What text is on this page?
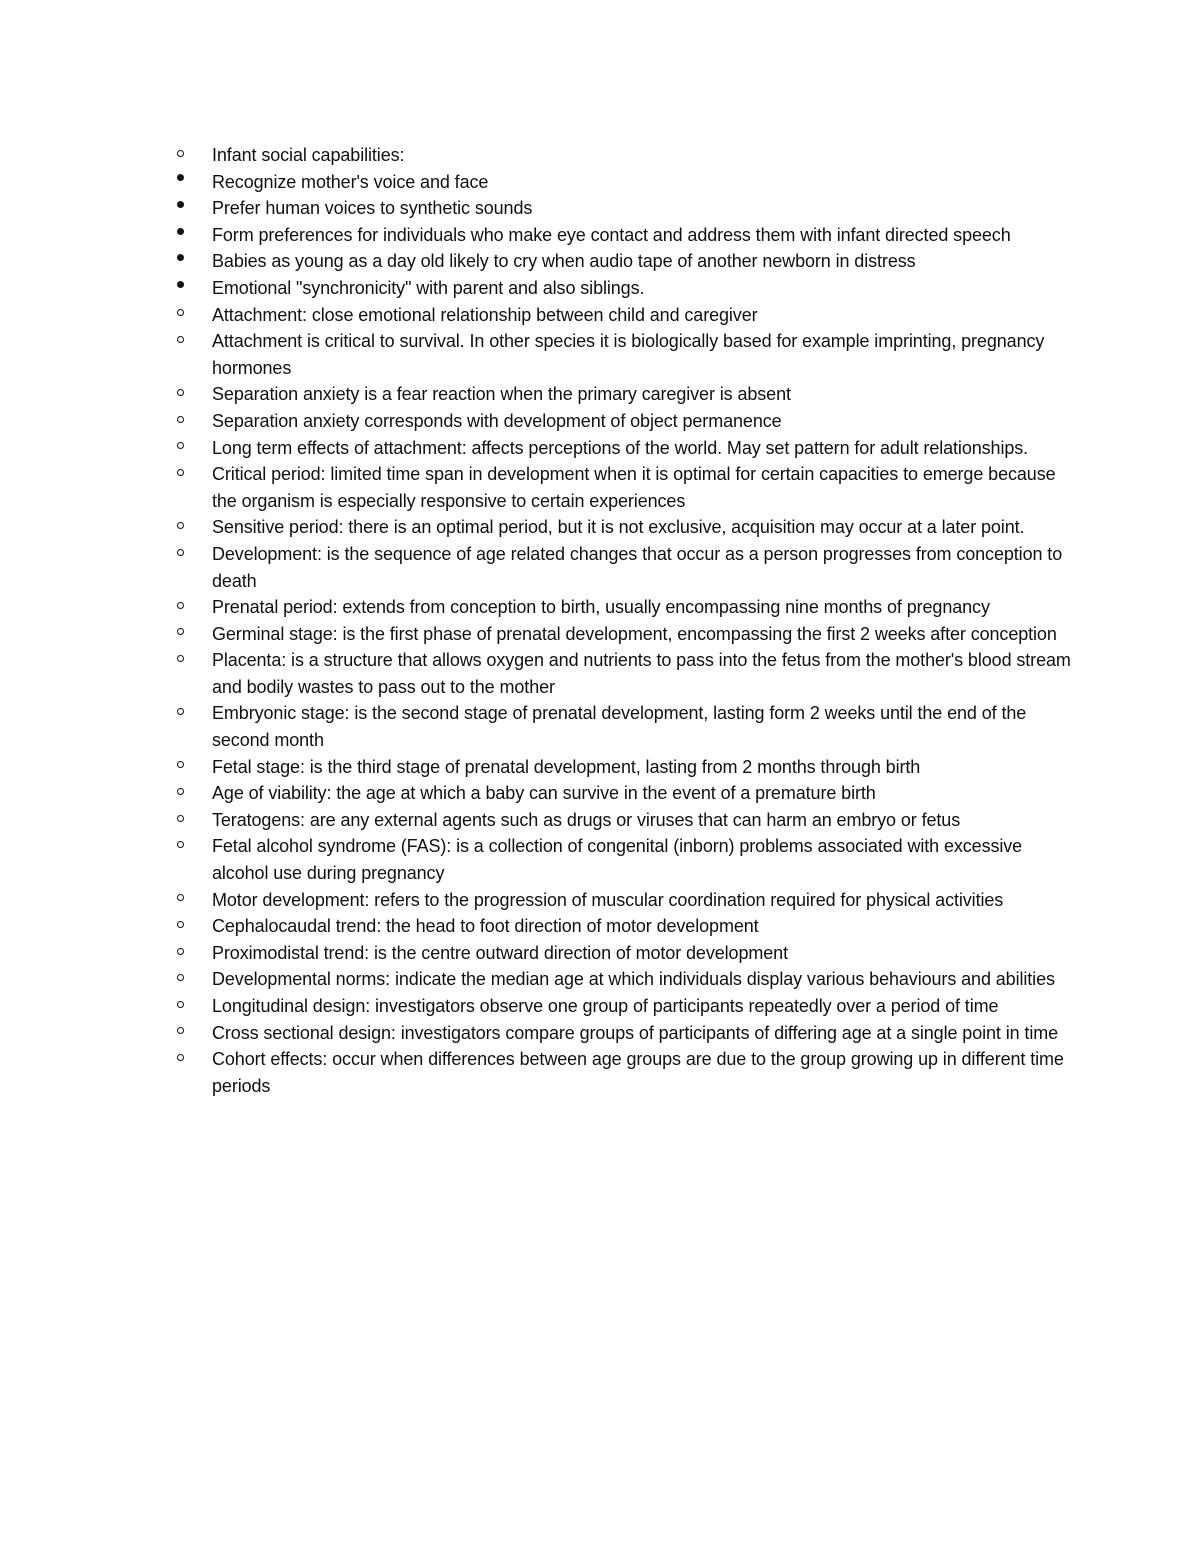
Infant social capabilities:
Recognize mother's voice and face
Prefer human voices to synthetic sounds
Form preferences for individuals who make eye contact and address them with infant directed speech
Babies as young as a day old likely to cry when audio tape of another newborn in distress
Emotional "synchronicity" with parent and also siblings.
Attachment: close emotional relationship between child and caregiver
Attachment is critical to survival. In other species it is biologically based for example imprinting, pregnancy hormones
Separation anxiety is a fear reaction when the primary caregiver is absent
Separation anxiety corresponds with development of object permanence
Long term effects of attachment: affects perceptions of the world. May set pattern for adult relationships.
Critical period: limited time span in development when it is optimal for certain capacities to emerge because the organism is especially responsive to certain experiences
Sensitive period: there is an optimal period, but it is not exclusive, acquisition may occur at a later point.
Development: is the sequence of age related changes that occur as a person progresses from conception to death
Prenatal period: extends from conception to birth, usually encompassing nine months of pregnancy
Germinal stage: is the first phase of prenatal development, encompassing the first 2 weeks after conception
Placenta: is a structure that allows oxygen and nutrients to pass into the fetus from the mother's blood stream and bodily wastes to pass out to the mother
Embryonic stage: is the second stage of prenatal development, lasting form 2 weeks until the end of the second month
Fetal stage: is the third stage of prenatal development, lasting from 2 months through birth
Age of viability: the age at which a baby can survive in the event of a premature birth
Teratogens: are any external agents such as drugs or viruses that can harm an embryo or fetus
Fetal alcohol syndrome (FAS): is a collection of congenital (inborn) problems associated with excessive alcohol use during pregnancy
Motor development: refers to the progression of muscular coordination required for physical activities
Cephalocaudal trend: the head to foot direction of motor development
Proximodistal trend: is the centre outward direction of motor development
Developmental norms: indicate the median age at which individuals display various behaviours and abilities
Longitudinal design: investigators observe one group of participants repeatedly over a period of time
Cross sectional design: investigators compare groups of participants of differing age at a single point in time
Cohort effects: occur when differences between age groups are due to the group growing up in different time periods
